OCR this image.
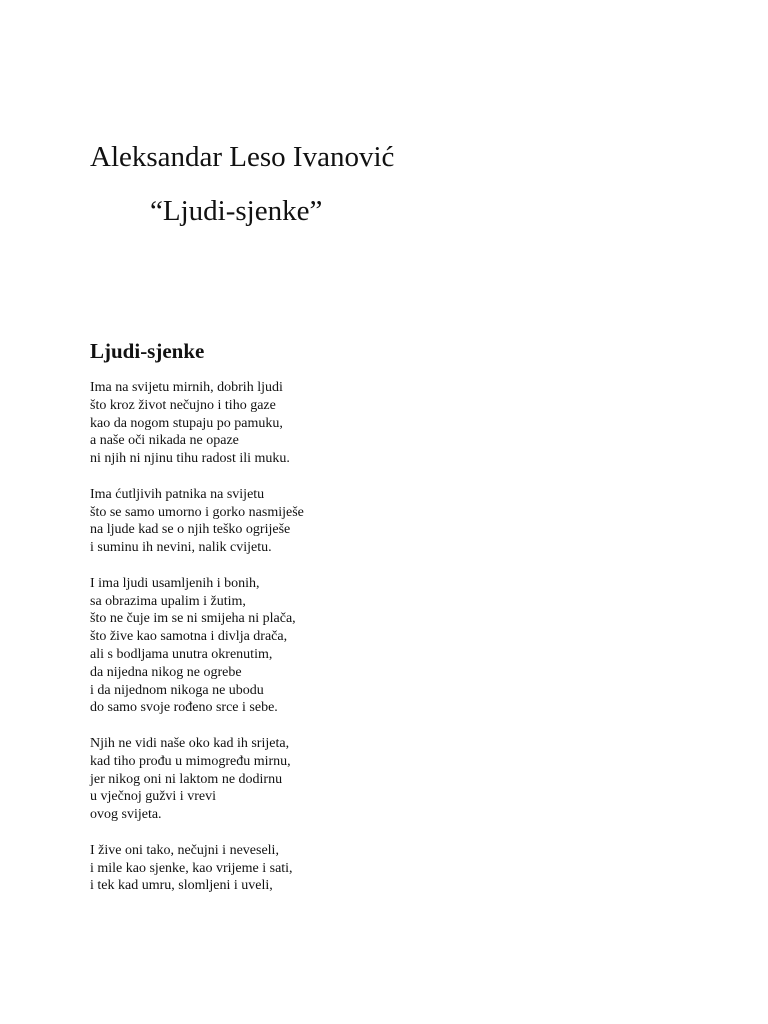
Aleksandar Leso Ivanović
“Ljudi-sjenke”
Ljudi-sjenke

Ima na svijetu mirnih, dobrih ljudi
što kroz život nečujno i tiho gaze
kao da nogom stupaju po pamuku,
a naše oči nikada ne opaze
ni njih ni njinu tihu radost ili muku.

Ima ćutljivih patnika na svijetu
što se samo umorno i gorko nasmiješe
na ljude kad se o njih teško ogriješe
i suminu ih nevini, nalik cvijetu.

I ima ljudi usamljenih i bonih,
sa obrazima upalim i žutim,
što ne čuje im se ni smijeha ni plača,
što žive kao samotna i divlja drača,
ali s bodljama unutra okrenutim,
da nijedna nikog ne ogrebe
i da nijednom nikoga ne ubodu
do samo svoje rođeno srce i sebe.

Njih ne vidi naše oko kad ih srijeta,
kad tiho prođu u mimogređu mirnu,
jer nikog oni ni laktom ne dodirnu
u vječnoj gužvi i vrevi
ovog svijeta.

I žive oni tako, nečujni i neveseli,
i mile kao sjenke, kao vrijeme i sati,
i tek kad umru, slomljeni i uveli,
